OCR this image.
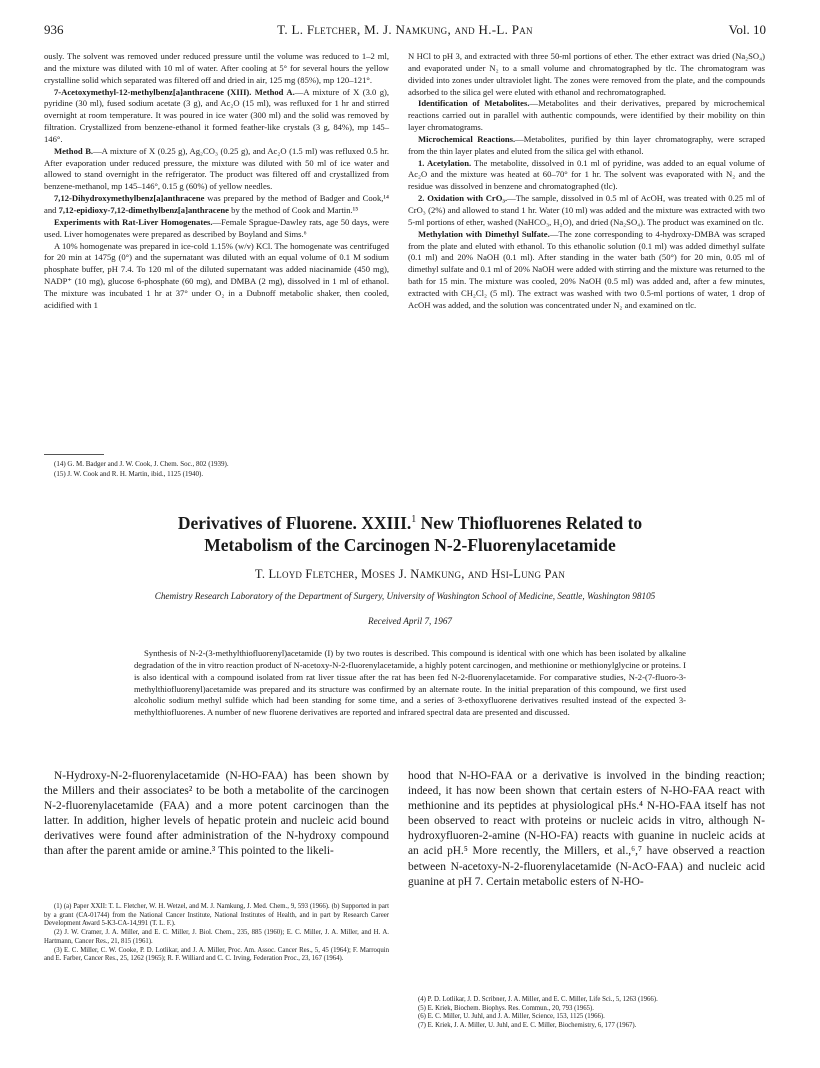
936	T. L. Fletcher, M. J. Namkung, and H.-L. Pan	Vol. 10

ously. The solvent was removed under reduced pressure until the volume was reduced to 1–2 ml, and the mixture was diluted with 10 ml of water. After cooling at 5° for several hours the yellow crystalline solid which separated was filtered off and dried in air, 125 mg (85%), mp 120–121°.

7-Acetoxymethyl-12-methylbenz[a]anthracene (XIII). Method A.—A mixture of X (3.0 g), pyridine (30 ml), fused sodium acetate (3 g), and Ac₂O (15 ml), was refluxed for 1 hr and stirred overnight at room temperature. It was poured in ice water (300 ml) and the solid was removed by filtration. Crystallized from benzene-ethanol it formed feather-like crystals (3 g, 84%), mp 145–146°.

Method B.—A mixture of X (0.25 g), Ag₂CO₃ (0.25 g), and Ac₂O (1.5 ml) was refluxed 0.5 hr. After evaporation under reduced pressure, the mixture was diluted with 50 ml of ice water and allowed to stand overnight in the refrigerator. The product was filtered off and crystallized from benzene-methanol, mp 145–146°, 0.15 g (60%) of yellow needles.

7,12-Dihydroxymethylbenz[a]anthracene was prepared by the method of Badger and Cook,¹⁴ and 7,12-epidioxy-7,12-dimethylbenz[a]anthracene by the method of Cook and Martin.¹⁵

Experiments with Rat-Liver Homogenates.—Female Sprague-Dawley rats, age 50 days, were used. Liver homogenates were prepared as described by Boyland and Sims.⁶

A 10% homogenate was prepared in ice-cold 1.15% (w/v) KCl. The homogenate was centrifuged for 20 min at 1475g (0°) and the supernatant was diluted with an equal volume of 0.1 M sodium phosphate buffer, pH 7.4. To 120 ml of the diluted supernatant was added niacinamide (450 mg), NADP⁺ (10 mg), glucose 6-phosphate (60 mg), and DMBA (2 mg), dissolved in 1 ml of ethanol. The mixture was incubated 1 hr at 37° under O₂ in a Dubnoff metabolic shaker, then cooled, acidified with 1

(14) G. M. Badger and J. W. Cook, J. Chem. Soc., 802 (1939).
(15) J. W. Cook and R. H. Martin, ibid., 1125 (1940).

N HCl to pH 3, and extracted with three 50-ml portions of ether. The ether extract was dried (Na₂SO₄) and evaporated under N₂ to a small volume and chromatographed by tlc. The chromatogram was divided into zones under ultraviolet light. The zones were removed from the plate, and the compounds adsorbed to the silica gel were eluted with ethanol and rechromatographed.

Identification of Metabolites.—Metabolites and their derivatives, prepared by microchemical reactions carried out in parallel with authentic compounds, were identified by their mobility on thin layer chromatograms.

Microchemical Reactions.—Metabolites, purified by thin layer chromatography, were scraped from the thin layer plates and eluted from the silica gel with ethanol.

1. Acetylation. The metabolite, dissolved in 0.1 ml of pyridine, was added to an equal volume of Ac₂O and the mixture was heated at 60–70° for 1 hr. The solvent was evaporated with N₂ and the residue was dissolved in benzene and chromatographed (tlc).

2. Oxidation with CrO₃.—The sample, dissolved in 0.5 ml of AcOH, was treated with 0.25 ml of CrO₃ (2%) and allowed to stand 1 hr. Water (10 ml) was added and the mixture was extracted with two 5-ml portions of ether, washed (NaHCO₃, H₂O), and dried (Na₂SO₄). The product was examined on tlc.

Methylation with Dimethyl Sulfate.—The zone corresponding to 4-hydroxy-DMBA was scraped from the plate and eluted with ethanol. To this ethanolic solution (0.1 ml) was added dimethyl sulfate (0.1 ml) and 20% NaOH (0.1 ml). After standing in the water bath (50°) for 20 min, 0.05 ml of dimethyl sulfate and 0.1 ml of 20% NaOH were added with stirring and the mixture was returned to the bath for 15 min. The mixture was cooled, 20% NaOH (0.5 ml) was added and, after a few minutes, extracted with CH₂Cl₂ (5 ml). The extract was washed with two 0.5-ml portions of water, 1 drop of AcOH was added, and the solution was concentrated under N₂ and examined on tlc.

Derivatives of Fluorene. XXIII.$^1$ New Thiofluorenes Related to
Metabolism of the Carcinogen N-2-Fluorenylacetamide
T. Lloyd Fletcher, Moses J. Namkung, and Hsi-Lung Pan
Chemistry Research Laboratory of the Department of Surgery, University of Washington School of Medicine, Seattle, Washington 98105
Received April 7, 1967
Synthesis of N-2-(3-methylthiofluorenyl)acetamide (I) by two routes is described. This compound is identical with one which has been isolated by alkaline degradation of the in vitro reaction product of N-acetoxy-N-2-fluorenylacetamide, a highly potent carcinogen, and methionine or methionylglycine or proteins. I is also identical with a compound isolated from rat liver tissue after the rat has been fed N-2-fluorenylacetamide. For comparative studies, N-2-(7-fluoro-3-methylthiofluorenyl)acetamide was prepared and its structure was confirmed by an alternate route. In the initial preparation of this compound, we first used alcoholic sodium methyl sulfide which had been standing for some time, and a series of 3-ethoxyfluorene derivatives resulted instead of the expected 3-methylthiofluorenes. A number of new fluorene derivatives are reported and infrared spectral data are presented and discussed.

N-Hydroxy-N-2-fluorenylacetamide (N-HO-FAA) has been shown by the Millers and their associates² to be both a metabolite of the carcinogen N-2-fluorenylacetamide (FAA) and a more potent carcinogen than the latter. In addition, higher levels of hepatic protein and nucleic acid bound derivatives were found after administration of the N-hydroxy compound than after the parent amide or amine.³ This pointed to the likeli-

hood that N-HO-FAA or a derivative is involved in the binding reaction; indeed, it has now been shown that certain esters of N-HO-FAA react with methionine and its peptides at physiological pHs.⁴ N-HO-FAA itself has not been observed to react with proteins or nucleic acids in vitro, although N-hydroxyfluoren-2-amine (N-HO-FA) reacts with guanine in nucleic acids at an acid pH.⁵ More recently, the Millers, et al.,⁶,⁷ have observed a reaction between N-acetoxy-N-2-fluorenylacetamide (N-AcO-FAA) and nucleic acid guanine at pH 7. Certain metabolic esters of N-HO-

(1) (a) Paper XXII: T. L. Fletcher, W. H. Wetzel, and M. J. Namkung, J. Med. Chem., 9, 593 (1966). (b) Supported in part by a grant (CA-01744) from the National Cancer Institute, National Institutes of Health, and in part by Research Career Development Award 5-K3-CA-14,991 (T. L. F.).

(2) J. W. Cramer, J. A. Miller, and E. C. Miller, J. Biol. Chem., 235, 885 (1960); E. C. Miller, J. A. Miller, and H. A. Hartmann, Cancer Res., 21, 815 (1961).

(3) E. C. Miller, C. W. Cooke, P. D. Lotlikar, and J. A. Miller, Proc. Am. Assoc. Cancer Res., 5, 45 (1964); F. Marroquin and E. Farber, Cancer Res., 25, 1262 (1965); R. F. Williard and C. C. Irving, Federation Proc., 23, 167 (1964).

(4) P. D. Lotlikar, J. D. Scribner, J. A. Miller, and E. C. Miller, Life Sci., 5, 1263 (1966).

(5) E. Kriek, Biochem. Biophys. Res. Commun., 20, 793 (1965).

(6) E. C. Miller, U. Juhl, and J. A. Miller, Science, 153, 1125 (1966).

(7) E. Kriek, J. A. Miller, U. Juhl, and E. C. Miller, Biochemistry, 6, 177 (1967).
